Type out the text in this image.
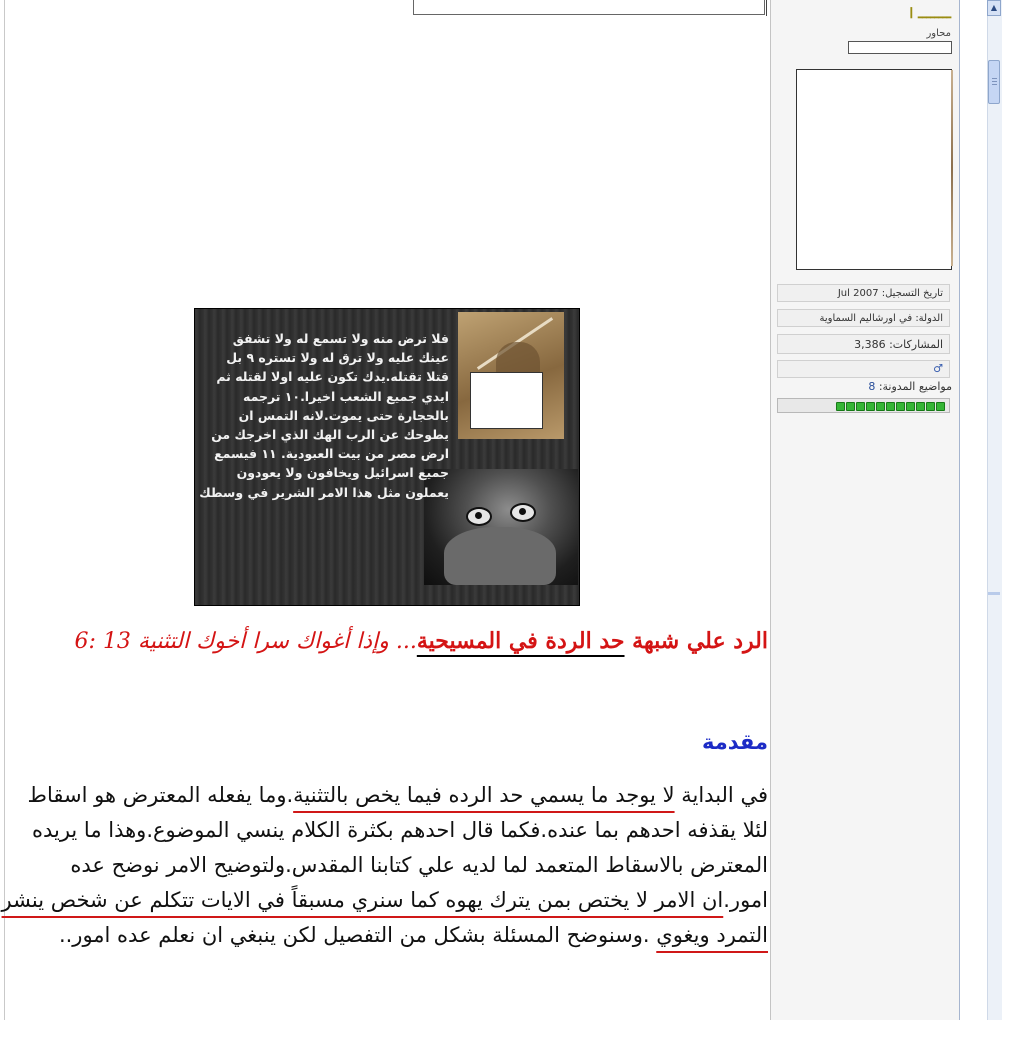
ــــــــ ا
محاور
تاريخ التسجيل: Jul 2007
الدولة: في اورشاليم السماوية
المشاركات: 3,386
♂
مواضيع المدونة: 8
▲
فلا ترض منه ولا تسمع له ولا تشفق
عينك عليه ولا ترق له ولا تستره ٩ بل
قتلا تقتله.يدك تكون عليه اولا لقتله ثم
ايدي جميع الشعب اخيرا.١٠ ترجمه
بالحجارة حتى يموت.لانه التمس ان
يطوحك عن الرب الهك الذي اخرجك من
ارض مصر من بيت العبودية. ١١ فيسمع
جميع اسرائيل ويخافون ولا يعودون
يعملون مثل هذا الامر الشرير في وسطك
الرد علي شبهة حد الردة في المسيحية... وإذا أغواك سرا أخوك التثنية 13 :6
مقدمة
في البداية لا يوجد ما يسمي حد الرده فيما يخص بالتثنية.وما يفعله المعترض هو اسقاط لئلا يقذفه احدهم بما عنده.فكما قال احدهم بكثرة الكلام ينسي الموضوع.وهذا ما يريده المعترض بالاسقاط المتعمد لما لديه علي كتابنا المقدس.ولتوضيح الامر نوضح عده امور.ان الامر لا يختص بمن يترك يهوه كما سنري مسبقاً في الايات تتكلم عن شخص ينشر التمرد ويغوي .وسنوضح المسئلة بشكل من التفصيل لكن ينبغي ان نعلم عده امور..
